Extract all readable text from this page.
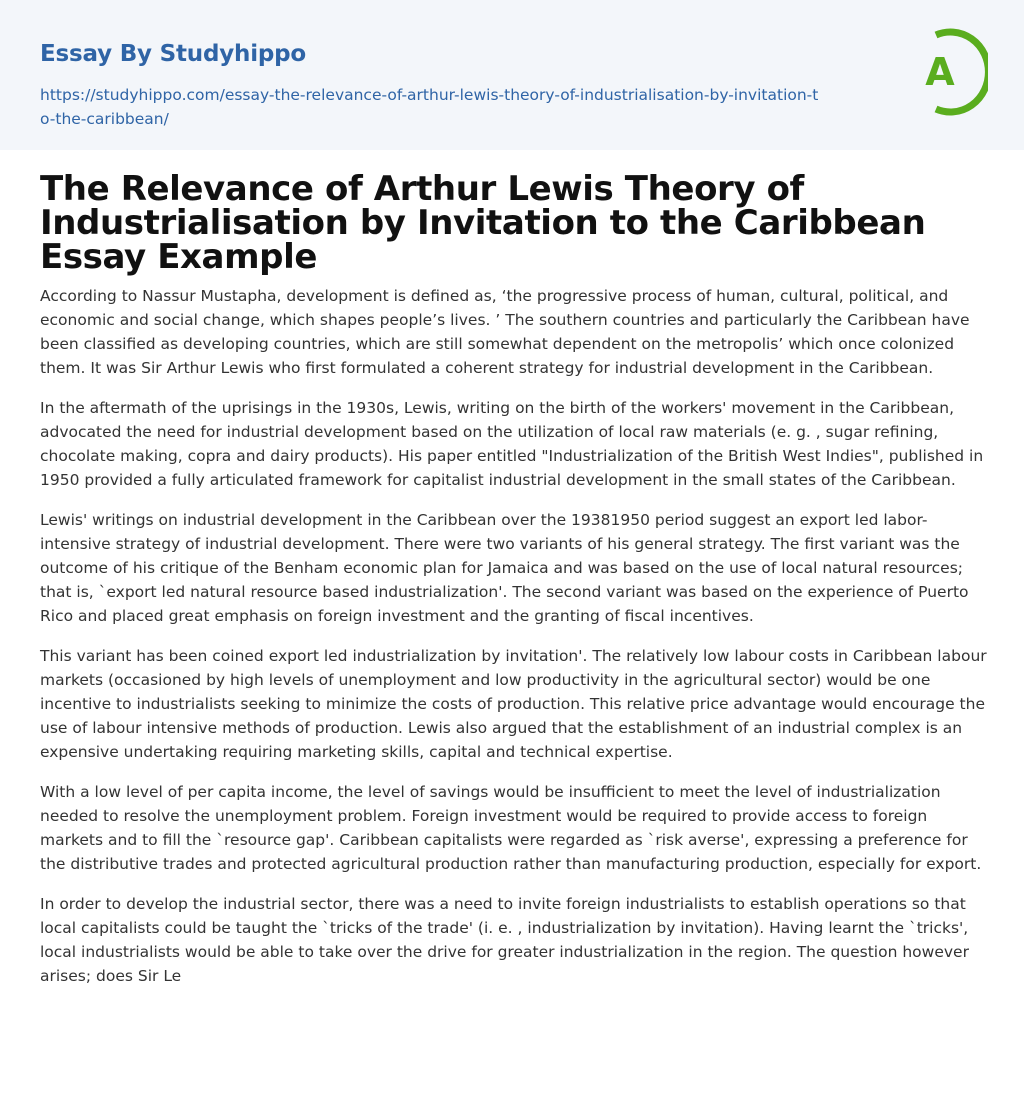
Essay By Studyhippo
https://studyhippo.com/essay-the-relevance-of-arthur-lewis-theory-of-industrialisation-by-invitation-to-the-caribbean/
A
The Relevance of Arthur Lewis Theory of Industrialisation by Invitation to the Caribbean Essay Example

According to Nassur Mustapha, development is defined as, ‘the progressive process of human, cultural, political, and economic and social change, which shapes people’s lives. ’ The southern countries and particularly the Caribbean have been classified as developing countries, which are still somewhat dependent on the metropolis’ which once colonized them. It was Sir Arthur Lewis who first formulated a coherent strategy for industrial development in the Caribbean.

In the aftermath of the uprisings in the 1930s, Lewis, writing on the birth of the workers' movement in the Caribbean, advocated the need for industrial development based on the utilization of local raw materials (e. g. , sugar refining, chocolate making, copra and dairy products). His paper entitled "Industrialization of the British West Indies", published in 1950 provided a fully articulated framework for capitalist industrial development in the small states of the Caribbean.

Lewis' writings on industrial development in the Caribbean over the 19381950 period suggest an export led labor-intensive strategy of industrial development. There were two variants of his general strategy. The first variant was the outcome of his critique of the Benham economic plan for Jamaica and was based on the use of local natural resources; that is, `export led natural resource based industrialization'. The second variant was based on the experience of Puerto Rico and placed great emphasis on foreign investment and the granting of fiscal incentives.

This variant has been coined export led industrialization by invitation'. The relatively low labour costs in Caribbean labour markets (occasioned by high levels of unemployment and low productivity in the agricultural sector) would be one incentive to industrialists seeking to minimize the costs of production. This relative price advantage would encourage the use of labour intensive methods of production. Lewis also argued that the establishment of an industrial complex is an expensive undertaking requiring marketing skills, capital and technical expertise.

With a low level of per capita income, the level of savings would be insufficient to meet the level of industrialization needed to resolve the unemployment problem. Foreign investment would be required to provide access to foreign markets and to fill the `resource gap'. Caribbean capitalists were regarded as `risk averse', expressing a preference for the distributive trades and protected agricultural production rather than manufacturing production, especially for export.

In order to develop the industrial sector, there was a need to invite foreign industrialists to establish operations so that local capitalists could be taught the `tricks of the trade' (i. e. , industrialization by invitation). Having learnt the `tricks', local industrialists would be able to take over the drive for greater industrialization in the region. The question however arises; does Sir Le
